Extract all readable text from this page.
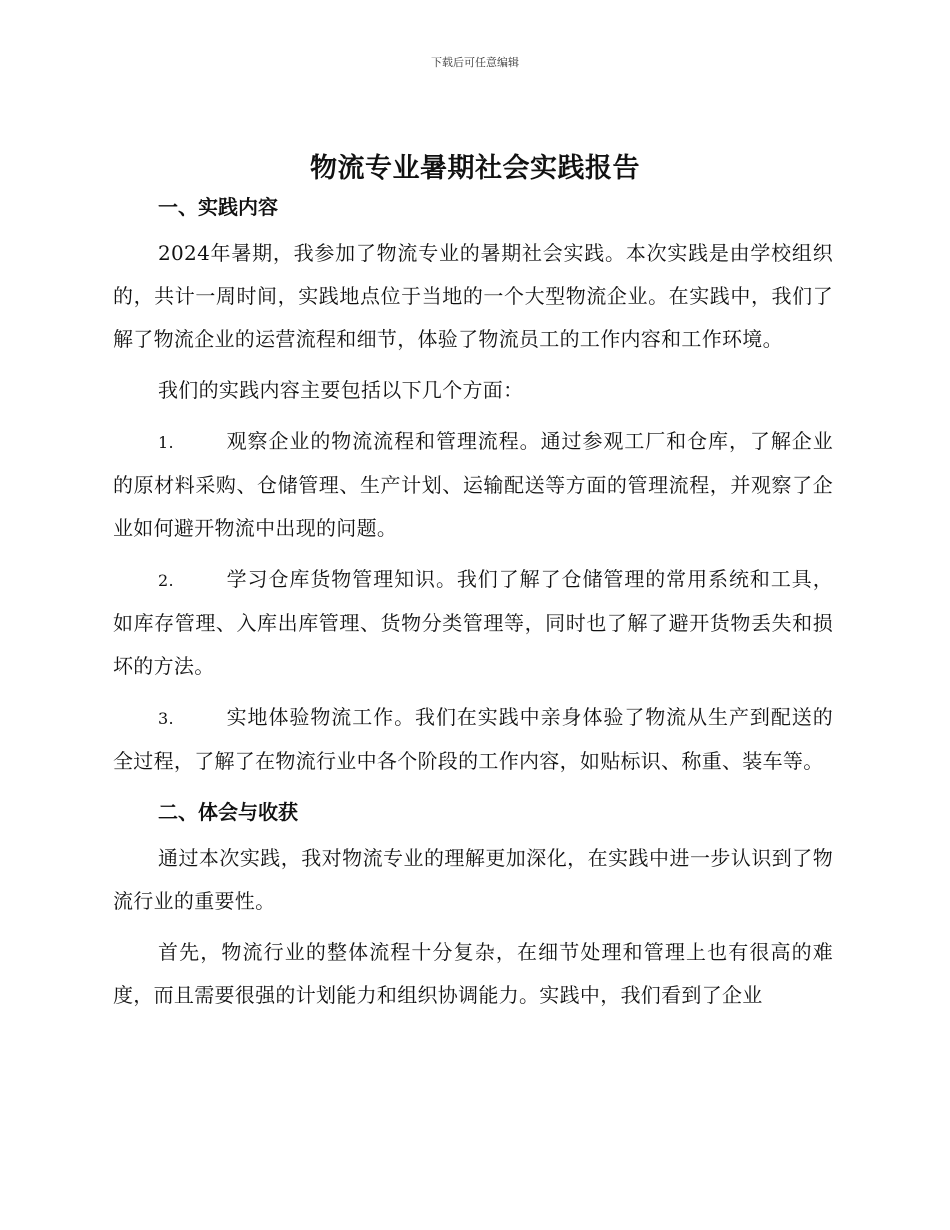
下载后可任意编辑
物流专业暑期社会实践报告
一、实践内容

2024年暑期，我参加了物流专业的暑期社会实践。本次实践是由学校组织的，共计一周时间，实践地点位于当地的一个大型物流企业。在实践中，我们了解了物流企业的运营流程和细节，体验了物流员工的工作内容和工作环境。

我们的实践内容主要包括以下几个方面：

1.	观察企业的物流流程和管理流程。通过参观工厂和仓库，了解企业的原材料采购、仓储管理、生产计划、运输配送等方面的管理流程，并观察了企业如何避开物流中出现的问题。

2.	学习仓库货物管理知识。我们了解了仓储管理的常用系统和工具，如库存管理、入库出库管理、货物分类管理等，同时也了解了避开货物丢失和损坏的方法。

3.	实地体验物流工作。我们在实践中亲身体验了物流从生产到配送的全过程，了解了在物流行业中各个阶段的工作内容，如贴标识、称重、装车等。

二、体会与收获

通过本次实践，我对物流专业的理解更加深化，在实践中进一步认识到了物流行业的重要性。

首先，物流行业的整体流程十分复杂，在细节处理和管理上也有很高的难度，而且需要很强的计划能力和组织协调能力。实践中，我们看到了企业
